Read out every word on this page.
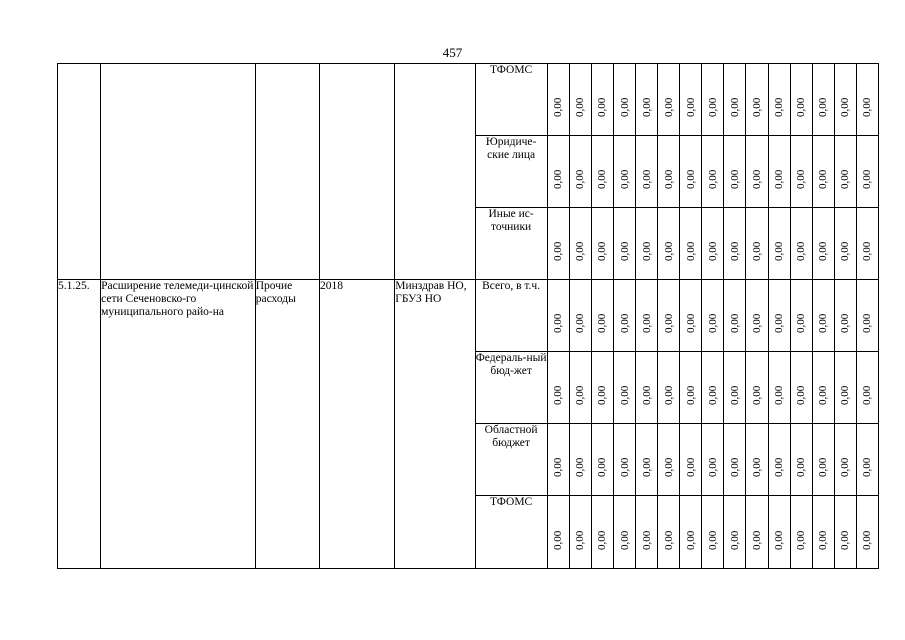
457
					ТФОМС	0,00	0,00	0,00	0,00	0,00	0,00	0,00	0,00	0,00	0,00	0,00	0,00	0,00	0,00	0,00

					Юридиче-ские лица	0,00	0,00	0,00	0,00	0,00	0,00	0,00	0,00	0,00	0,00	0,00	0,00	0,00	0,00	0,00

					Иные ис-точники	0,00	0,00	0,00	0,00	0,00	0,00	0,00	0,00	0,00	0,00	0,00	0,00	0,00	0,00	0,00

5.1.25.	Расширение телемеди-цинской сети Сеченовско-го муниципального райо-на	Прочие расходы	2018	Минздрав НО, ГБУЗ НО	Всего, в т.ч.	0,00	0,00	0,00	0,00	0,00	0,00	0,00	0,00	0,00	0,00	0,00	0,00	0,00	0,00	0,00

					Федераль-ный бюд-жет	0,00	0,00	0,00	0,00	0,00	0,00	0,00	0,00	0,00	0,00	0,00	0,00	0,00	0,00	0,00

					Областной бюджет	0,00	0,00	0,00	0,00	0,00	0,00	0,00	0,00	0,00	0,00	0,00	0,00	0,00	0,00	0,00

					ТФОМС	0,00	0,00	0,00	0,00	0,00	0,00	0,00	0,00	0,00	0,00	0,00	0,00	0,00	0,00	0,00
